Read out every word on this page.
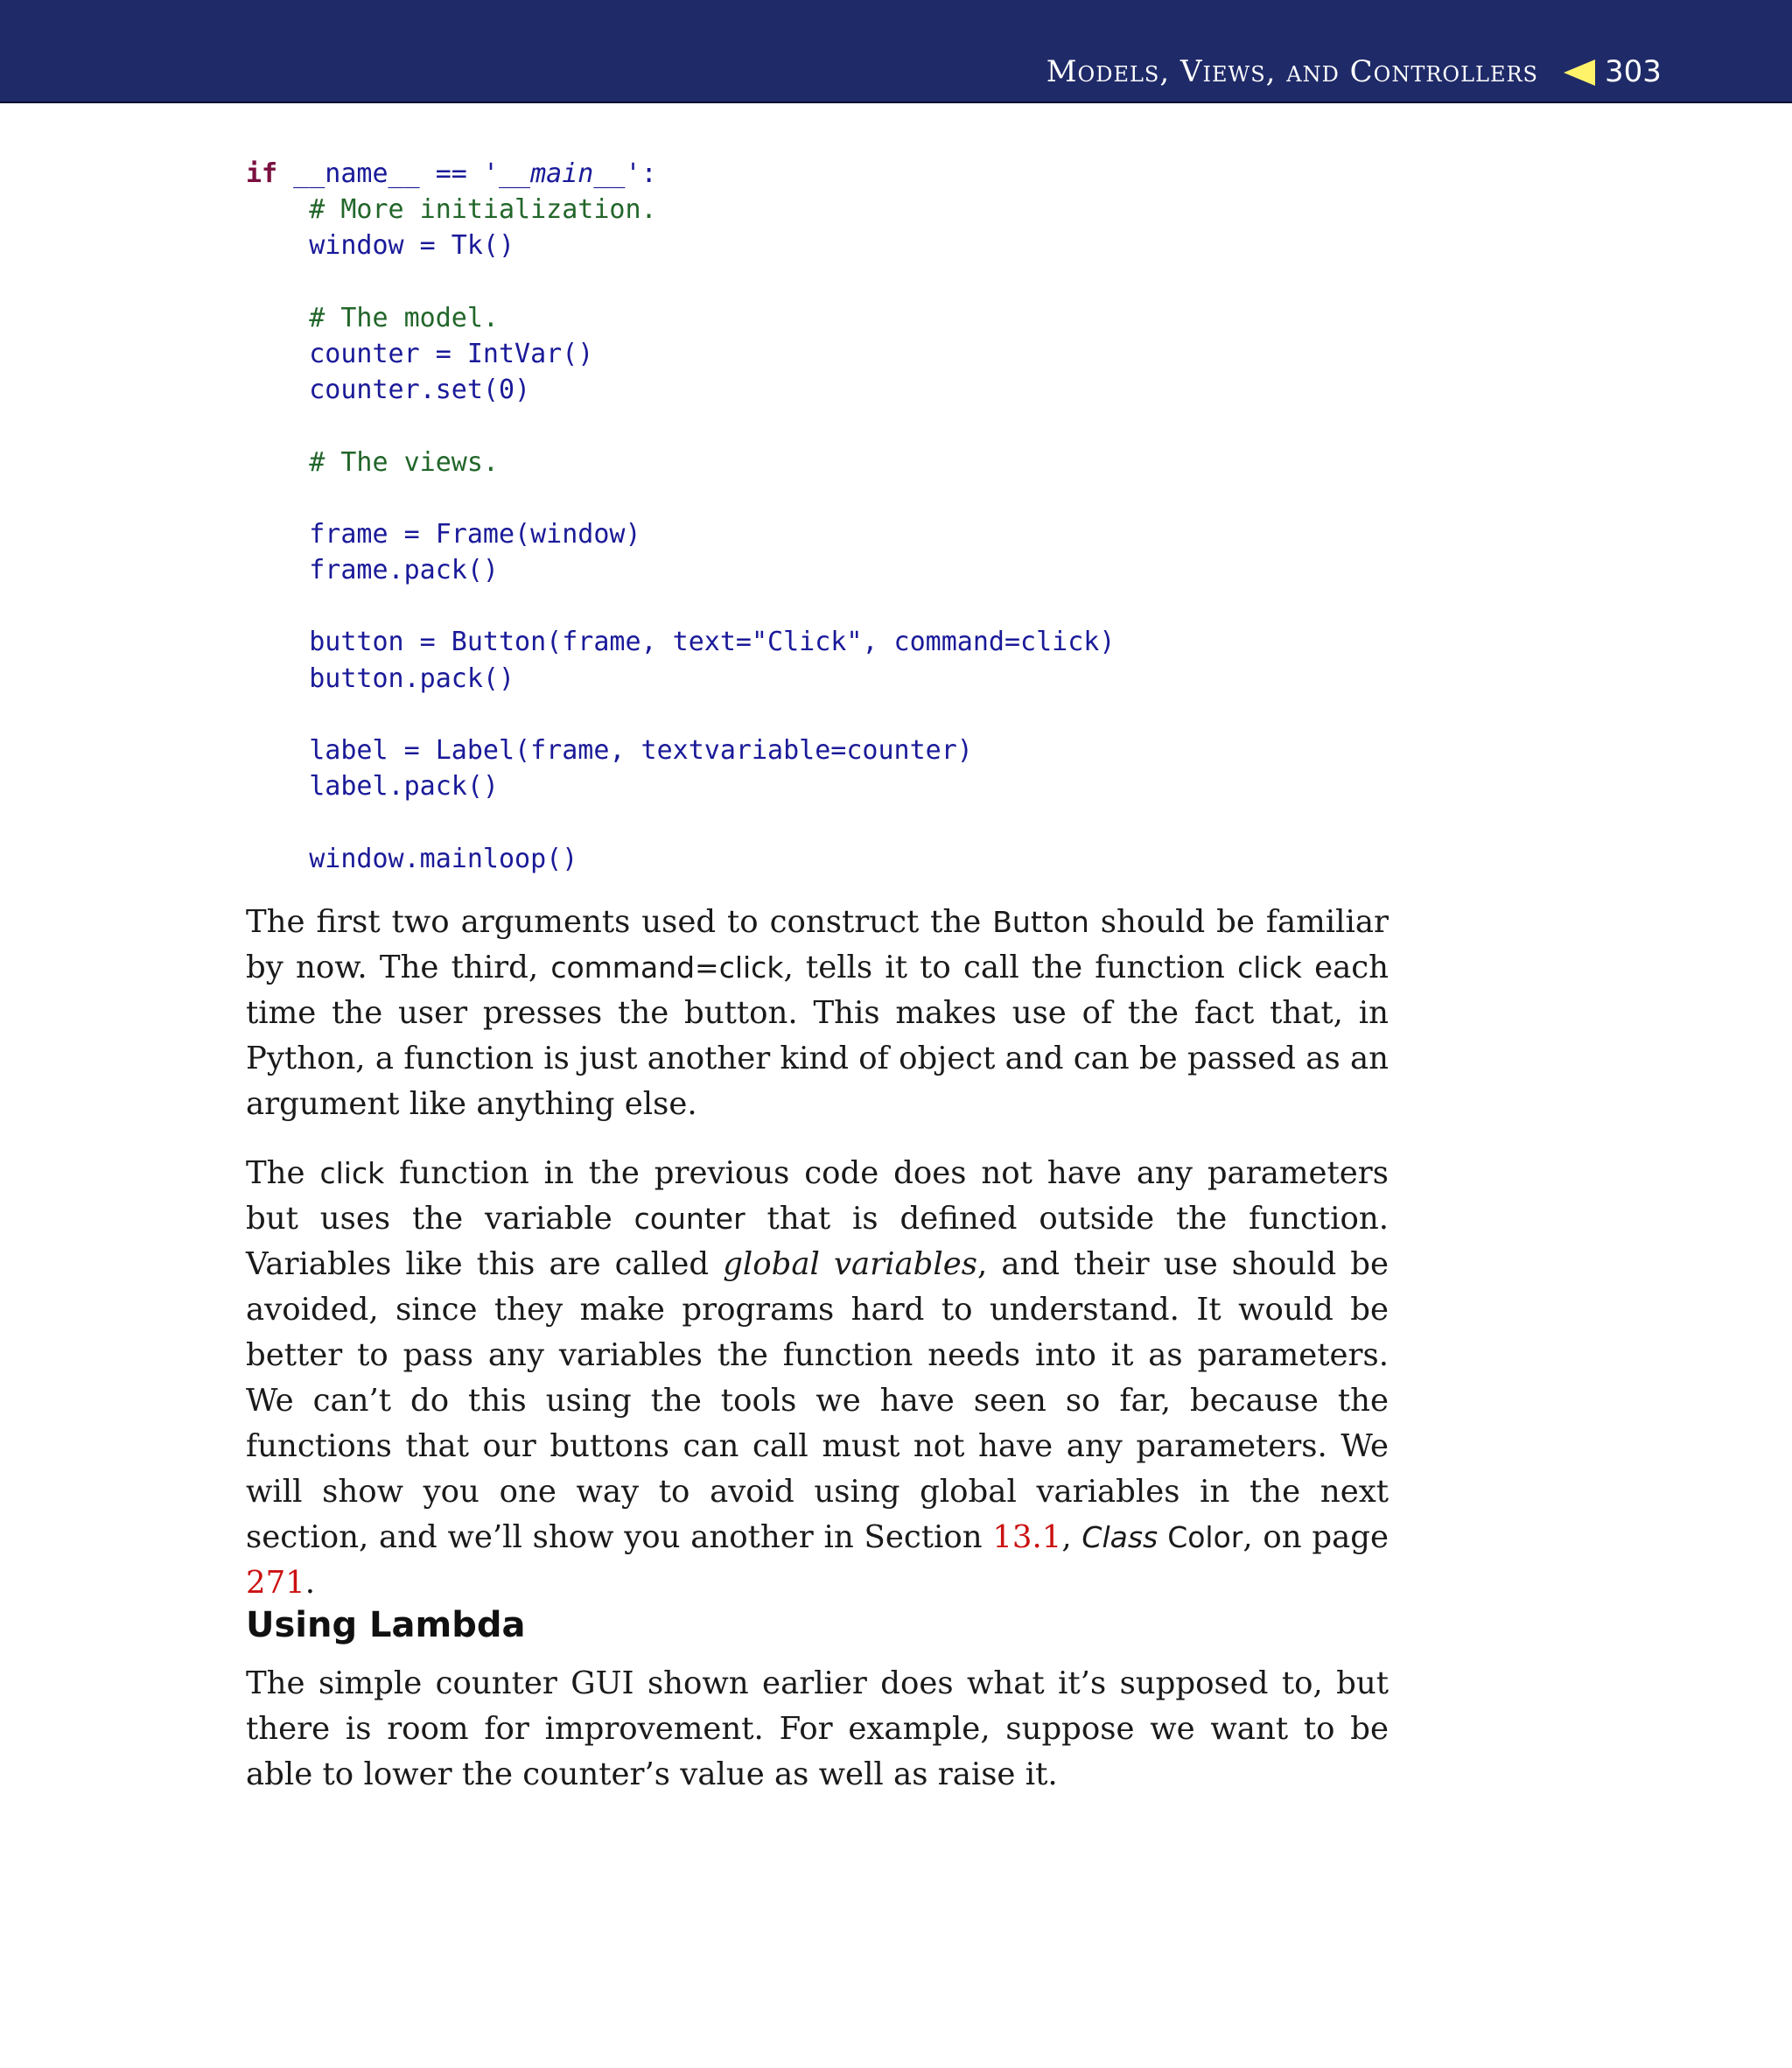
Models, Views, and Controllers 303
if __name__ == '__main__':
# More initialization.
window = Tk()
# The model.
counter = IntVar()
counter.set(0)
# The views.
frame = Frame(window)
frame.pack()
button = Button(frame, text="Click", command=click)
button.pack()
label = Label(frame, textvariable=counter)
label.pack()
window.mainloop()

The first two arguments used to construct the Button should be familiar by now. The third, command=click, tells it to call the function click each time the user presses the button. This makes use of the fact that, in Python, a function is just another kind of object and can be passed as an argument like anything else.

The click function in the previous code does not have any parameters but uses the variable counter that is defined outside the function. Variables like this are called global variables, and their use should be avoided, since they make programs hard to understand. It would be better to pass any variables the function needs into it as parameters. We can’t do this using the tools we have seen so far, because the functions that our buttons can call must not have any parameters. We will show you one way to avoid using global variables in the next section, and we’ll show you another in Section 13.1, Class Color, on page 271.

Using Lambda

The simple counter GUI shown earlier does what it’s supposed to, but there is room for improvement. For example, suppose we want to be able to lower the counter’s value as well as raise it.
